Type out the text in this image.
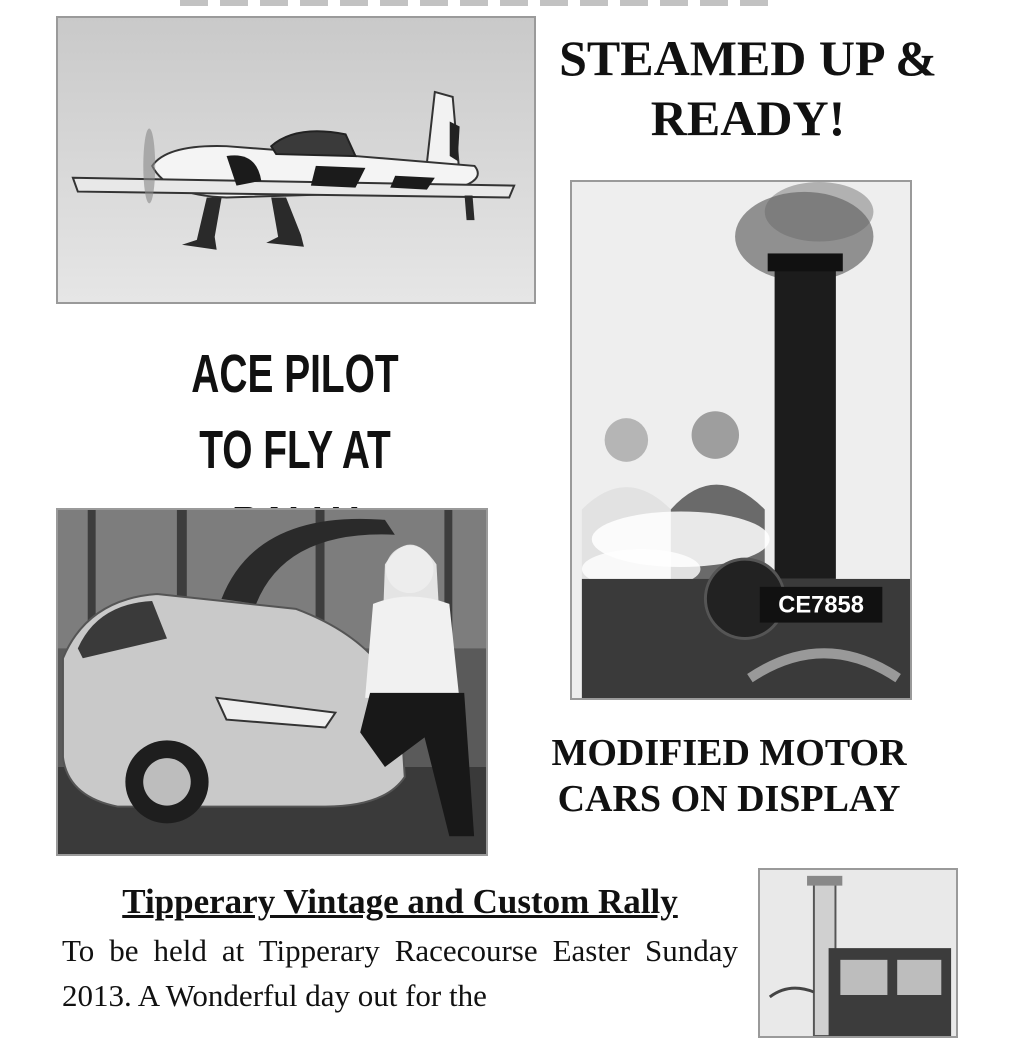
STEAMED UP & READY!
CE7858
ACE PILOT TO FLY AT
MODIFIED MOTOR CARS ON DISPLAY
Tipperary Vintage and Custom Rally
To be held at Tipperary Racecourse Easter Sunday 2013. A Wonderful day out for the
